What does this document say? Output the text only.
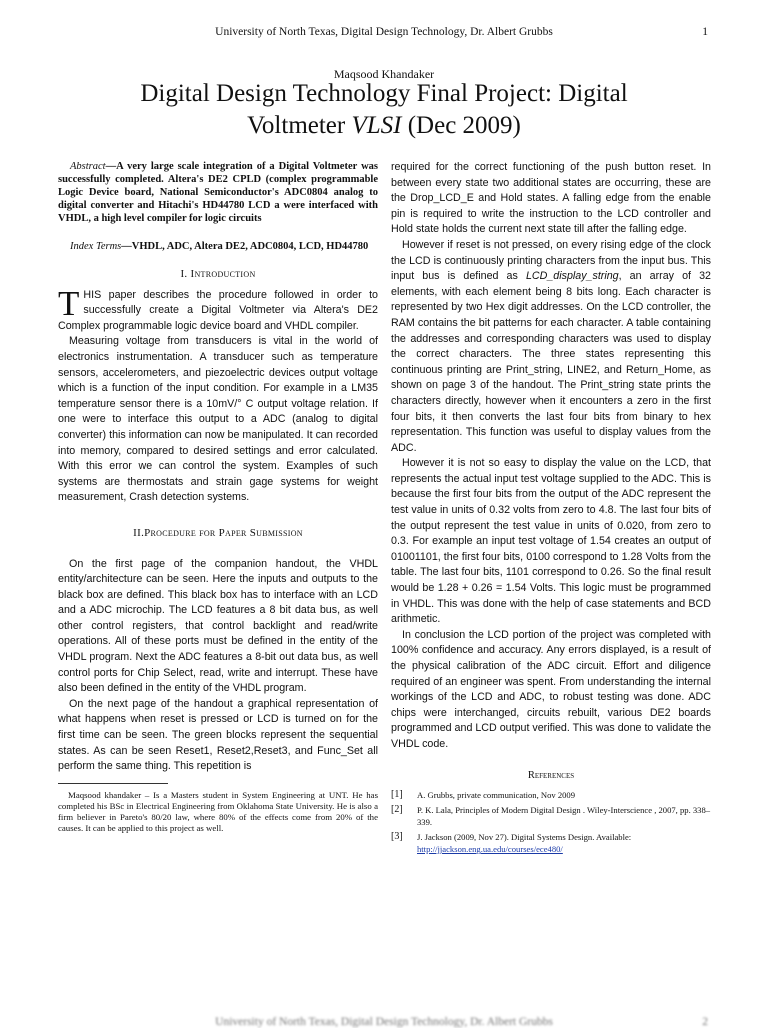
University of North Texas, Digital Design Technology, Dr. Albert Grubbs	1
Maqsood Khandaker
Digital Design Technology Final Project: Digital
Voltmeter VLSI (Dec 2009)

Abstract—A very large scale integration of a Digital Voltmeter was successfully completed. Altera's DE2 CPLD (complex programmable Logic Device board, National Semiconductor's ADC0804 analog to digital converter and Hitachi's HD44780 LCD a were interfaced with VHDL, a high level compiler for logic circuits

Index Terms—VHDL, ADC, Altera DE2, ADC0804, LCD, HD44780

I. Introduction
T HIS paper describes the procedure followed in order to successfully create a Digital Voltmeter via Altera's DE2 Complex programmable logic device board and VHDL compiler.

Measuring voltage from transducers is vital in the world of electronics instrumentation. A transducer such as temperature sensors, accelerometers, and piezoelectric devices output voltage which is a function of the input condition. For example in a LM35 temperature sensor there is a 10mV/° C output voltage relation. If one were to interface this output to a ADC (analog to digital converter) this information can now be manipulated. It can recorded into memory, compared to desired settings and error calculated. With this error we can control the system. Examples of such systems are thermostats and strain gage systems for weight measurement, Crash detection systems.

II.Procedure for Paper Submission

On the first page of the companion handout, the VHDL entity/architecture can be seen. Here the inputs and outputs to the black box are defined. This black box has to interface with an LCD and a ADC microchip. The LCD features a 8 bit data bus, as well other control registers, that control backlight and read/write operations. All of these ports must be defined in the entity of the VHDL program. Next the ADC features a 8-bit out data bus, as well control ports for Chip Select, read, write and interrupt. These have also been defined in the entity of the VHDL program.

On the next page of the handout a graphical representation of what happens when reset is pressed or LCD is turned on for the first time can be seen. The green blocks represent the sequential states. As can be seen Reset1, Reset2,Reset3, and Func_Set all perform the same thing. This repetition is

Maqsood khandaker – Is a Masters student in System Engineering at UNT. He has completed his BSc in Electrical Engineering from Oklahoma State University. He is also a firm believer in Pareto's 80/20 law, where 80% of the effects come from 20% of the causes. It can be applied to this project as well.

required for the correct functioning of the push button reset. In between every state two additional states are occurring, these are the Drop_LCD_E and Hold states. A falling edge from the enable pin is required to write the instruction to the LCD controller and Hold state holds the current next state till after the falling edge.

However if reset is not pressed, on every rising edge of the clock the LCD is continuously printing characters from the input bus. This input bus is defined as LCD_display_string, an array of 32 elements, with each element being 8 bits long. Each character is represented by two Hex digit addresses. On the LCD controller, the RAM contains the bit patterns for each character. A table containing the addresses and corresponding characters was used to display the correct characters. The three states representing this continuous printing are Print_string, LINE2, and Return_Home, as shown on page 3 of the handout. The Print_string state prints the characters directly, however when it encounters a zero in the first four bits, it then converts the last four bits from binary to hex representation. This function was useful to display values from the ADC.

However it is not so easy to display the value on the LCD, that represents the actual input test voltage supplied to the ADC. This is because the first four bits from the output of the ADC represent the test value in units of 0.32 volts from zero to 4.8. The last four bits of the output represent the test value in units of 0.020, from zero to 0.3. For example an input test voltage of 1.54 creates an output of 01001101, the first four bits, 0100 correspond to 1.28 Volts from the table. The last four bits, 1101 correspond to 0.26. So the final result would be 1.28 + 0.26 = 1.54 Volts. This logic must be programmed in VHDL. This was done with the help of case statements and BCD arithmetic.

In conclusion the LCD portion of the project was completed with 100% confidence and accuracy. Any errors displayed, is a result of the physical calibration of the ADC circuit. Effort and diligence required of an engineer was spent. From understanding the internal workings of the LCD and ADC, to robust testing was done. ADC chips were interchanged, circuits rebuilt, various DE2 boards programmed and LCD output verified. This was done to validate the VHDL code.

References
[1] A. Grubbs, private communication, Nov 2009
[2] P. K. Lala, Principles of Modern Digital Design . Wiley-Interscience , 2007, pp. 338–339.
[3] J. Jackson (2009, Nov 27). Digital Systems Design. Available:
http://jjackson.eng.ua.edu/courses/ece480/
University of North Texas, Digital Design Technology, Dr. Albert Grubbs	2
